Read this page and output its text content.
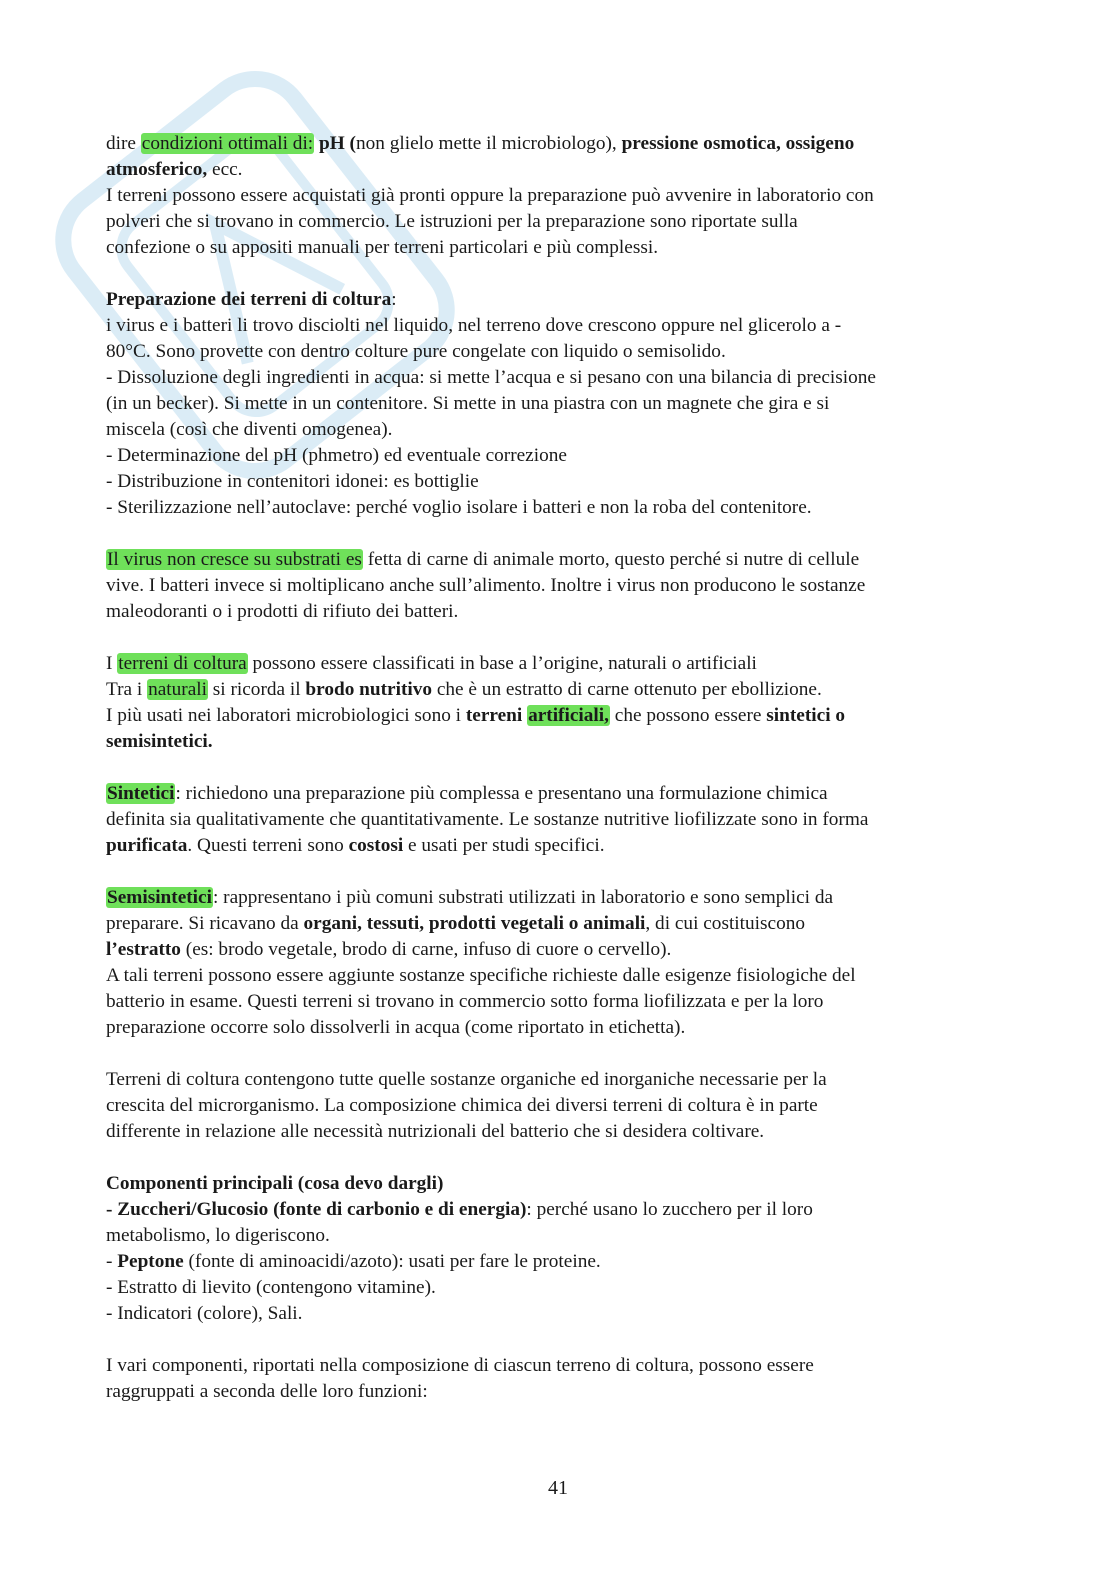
dire condizioni ottimali di: pH (non glielo mette il microbiologo), pressione osmotica, ossigeno
atmosferico, ecc.
I terreni possono essere acquistati già pronti oppure la preparazione può avvenire in laboratorio con
polveri che si trovano in commercio. Le istruzioni per la preparazione sono riportate sulla
confezione o su appositi manuali per terreni particolari e più complessi.
Preparazione dei terreni di coltura:
i virus e i batteri li trovo disciolti nel liquido, nel terreno dove crescono oppure nel glicerolo a -
80°C. Sono provette con dentro colture pure congelate con liquido o semisolido.
- Dissoluzione degli ingredienti in acqua: si mette l’acqua e si pesano con una bilancia di precisione
(in un becker). Si mette in un contenitore. Si mette in una piastra con un magnete che gira e si
miscela (così che diventi omogenea).
- Determinazione del pH (phmetro) ed eventuale correzione
- Distribuzione in contenitori idonei: es bottiglie
- Sterilizzazione nell’autoclave: perché voglio isolare i batteri e non la roba del contenitore.
Il virus non cresce su substrati es fetta di carne di animale morto, questo perché si nutre di cellule
vive. I batteri invece si moltiplicano anche sull’alimento. Inoltre i virus non producono le sostanze
maleodoranti o i prodotti di rifiuto dei batteri.
I terreni di coltura possono essere classificati in base a l’origine, naturali o artificiali
Tra i naturali si ricorda il brodo nutritivo che è un estratto di carne ottenuto per ebollizione.
I più usati nei laboratori microbiologici sono i terreni artificiali, che possono essere sintetici o
semisintetici.
Sintetici: richiedono una preparazione più complessa e presentano una formulazione chimica
definita sia qualitativamente che quantitativamente. Le sostanze nutritive liofilizzate sono in forma
purificata. Questi terreni sono costosi e usati per studi specifici.
Semisintetici: rappresentano i più comuni substrati utilizzati in laboratorio e sono semplici da
preparare. Si ricavano da organi, tessuti, prodotti vegetali o animali, di cui costituiscono
l’estratto (es: brodo vegetale, brodo di carne, infuso di cuore o cervello).
A tali terreni possono essere aggiunte sostanze specifiche richieste dalle esigenze fisiologiche del
batterio in esame. Questi terreni si trovano in commercio sotto forma liofilizzata e per la loro
preparazione occorre solo dissolverli in acqua (come riportato in etichetta).
Terreni di coltura contengono tutte quelle sostanze organiche ed inorganiche necessarie per la
crescita del microrganismo. La composizione chimica dei diversi terreni di coltura è in parte
differente in relazione alle necessità nutrizionali del batterio che si desidera coltivare.
Componenti principali (cosa devo dargli)
- Zuccheri/Glucosio (fonte di carbonio e di energia): perché usano lo zucchero per il loro
metabolismo, lo digeriscono.
- Peptone (fonte di aminoacidi/azoto): usati per fare le proteine.
- Estratto di lievito (contengono vitamine).
- Indicatori (colore), Sali.
I vari componenti, riportati nella composizione di ciascun terreno di coltura, possono essere
raggruppati a seconda delle loro funzioni:
41
